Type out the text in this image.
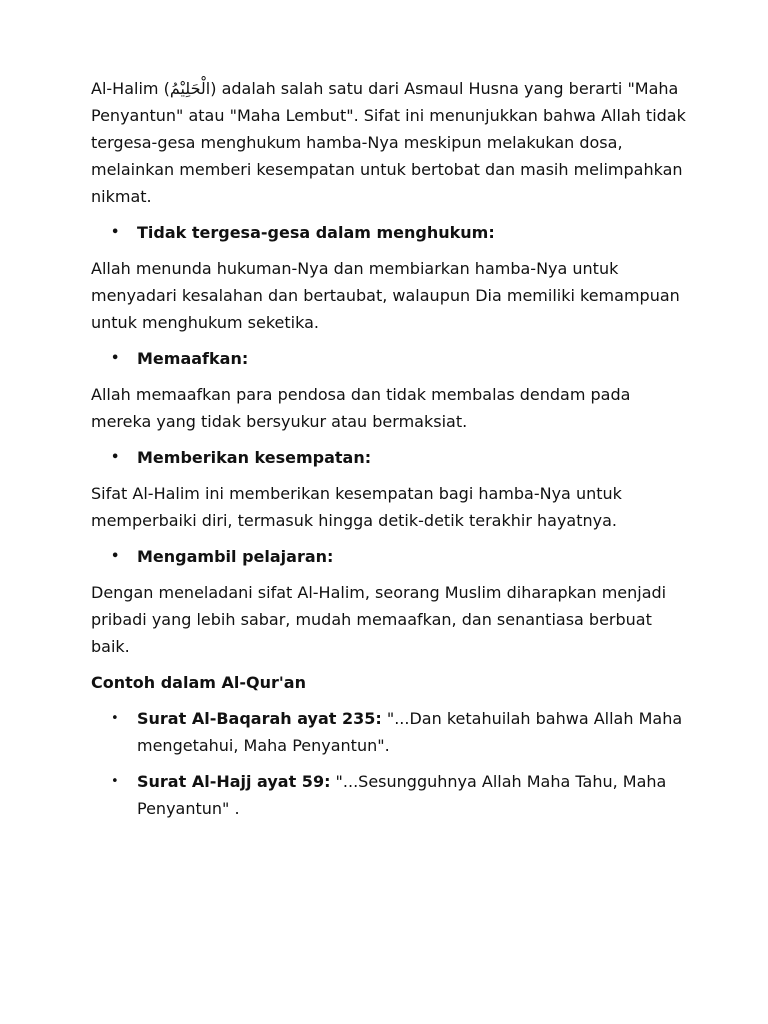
Al-Halim (الْحَلِيْمُ) adalah salah satu dari Asmaul Husna yang berarti "Maha Penyantun" atau "Maha Lembut". Sifat ini menunjukkan bahwa Allah tidak tergesa-gesa menghukum hamba-Nya meskipun melakukan dosa, melainkan memberi kesempatan untuk bertobat dan masih melimpahkan nikmat.

• Tidak tergesa-gesa dalam menghukum:

Allah menunda hukuman-Nya dan membiarkan hamba-Nya untuk menyadari kesalahan dan bertaubat, walaupun Dia memiliki kemampuan untuk menghukum seketika.

• Memaafkan:

Allah memaafkan para pendosa dan tidak membalas dendam pada mereka yang tidak bersyukur atau bermaksiat.

• Memberikan kesempatan:

Sifat Al-Halim ini memberikan kesempatan bagi hamba-Nya untuk memperbaiki diri, termasuk hingga detik-detik terakhir hayatnya.

• Mengambil pelajaran:

Dengan meneladani sifat Al-Halim, seorang Muslim diharapkan menjadi pribadi yang lebih sabar, mudah memaafkan, dan senantiasa berbuat baik.

Contoh dalam Al-Qur'an

• Surat Al-Baqarah ayat 235: "...Dan ketahuilah bahwa Allah Maha mengetahui, Maha Penyantun".
• Surat Al-Hajj ayat 59: "...Sesungguhnya Allah Maha Tahu, Maha Penyantun" .
